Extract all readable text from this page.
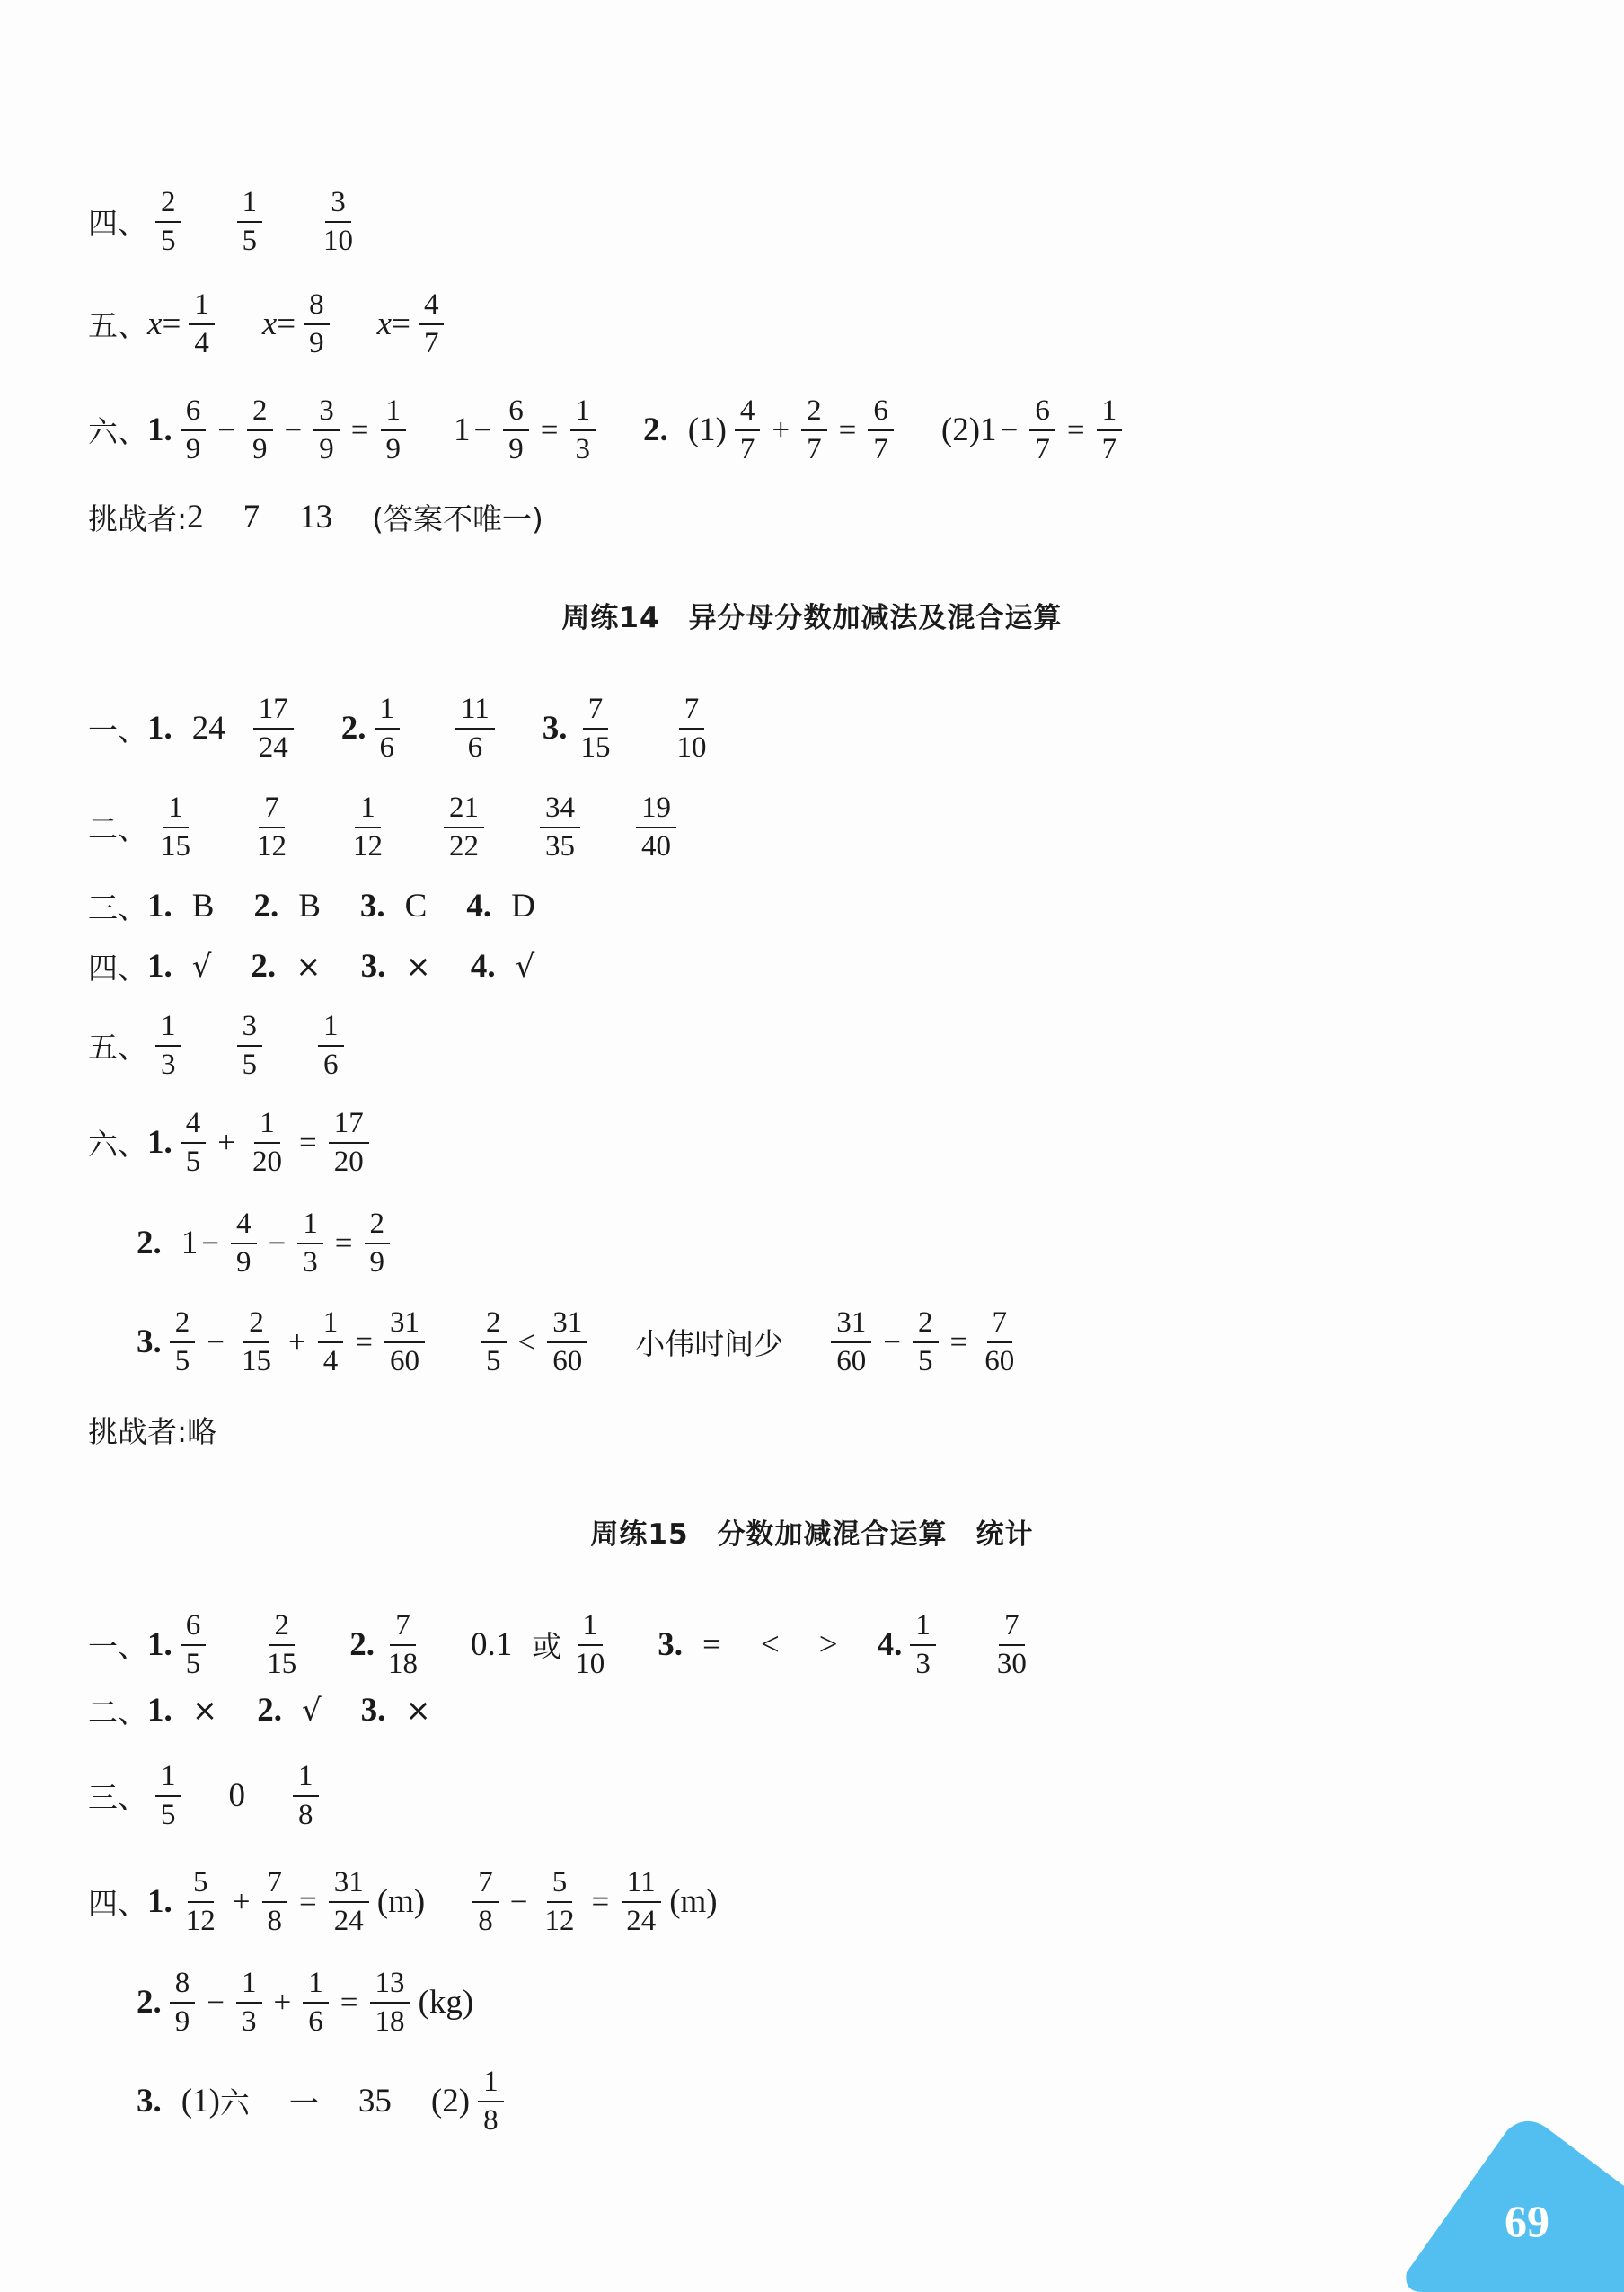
四、 $\frac{2}{5} \frac{1}{5} \frac{3}{10}$
五、 $x = \frac{1}{4}$ $x = \frac{8}{9}$ $x = \frac{4}{7}$
六、 1. $\frac{6}{9} - \frac{2}{9} - \frac{3}{9} = \frac{1}{9} 1 - \frac{6}{9} = \frac{1}{3} 2$. $(1) \frac{4}{7} + \frac{2}{7} = \frac{6}{7} (2)1 - \frac{6}{7} = \frac{1}{7}$
挑战者: 2 7 13 (答案不唯一)
周练14 异分母分数加减法及混合运算
一、 1. $24 \frac{17}{24} 2$. $\frac{1}{6} \frac{11}{6} 3$. $\frac{7}{15} \frac{7}{10}$
二、 $\frac{1}{15} \frac{7}{12} \frac{1}{12} \frac{21}{22} \frac{34}{35} \frac{19}{40}$
三、 1. B 2. B 3. C 4. D
四、 1. √ 2. × 3. × 4. √
五、 $\frac{1}{3} \frac{3}{5} \frac{1}{6}$
六、 1. $\frac{4}{5} + \frac{1}{20} = \frac{17}{20}$
2. $1 - \frac{4}{9} - \frac{1}{3} = \frac{2}{9}$
3. $\frac{2}{5} - \frac{2}{15} + \frac{1}{4} = \frac{31}{60} \frac{2}{5} < \frac{31}{60}$ 小伟时间少 $\frac{31}{60} - \frac{2}{5} = \frac{7}{60}$
挑战者: 略
周练15 分数加减混合运算 统计
一、 1. $\frac{6}{5} \frac{2}{15} 2$. $\frac{7}{18} 0.1$ 或 $\frac{1}{10} 3$. = < > 4. $\frac{1}{3} \frac{7}{30}$
二、 1. × 2. √ 3. ×
三、 $\frac{1}{5} 0 \frac{1}{8}$
四、 1. $\frac{5}{12} + \frac{7}{8} = \frac{31}{24} (m) \frac{7}{8} - \frac{5}{12} = \frac{11}{24} (m)$
2. $\frac{8}{9} - \frac{1}{3} + \frac{1}{6} = \frac{13}{18} (kg)$
3. (1) 六 一 35 $(2) \frac{1}{8}$
69
